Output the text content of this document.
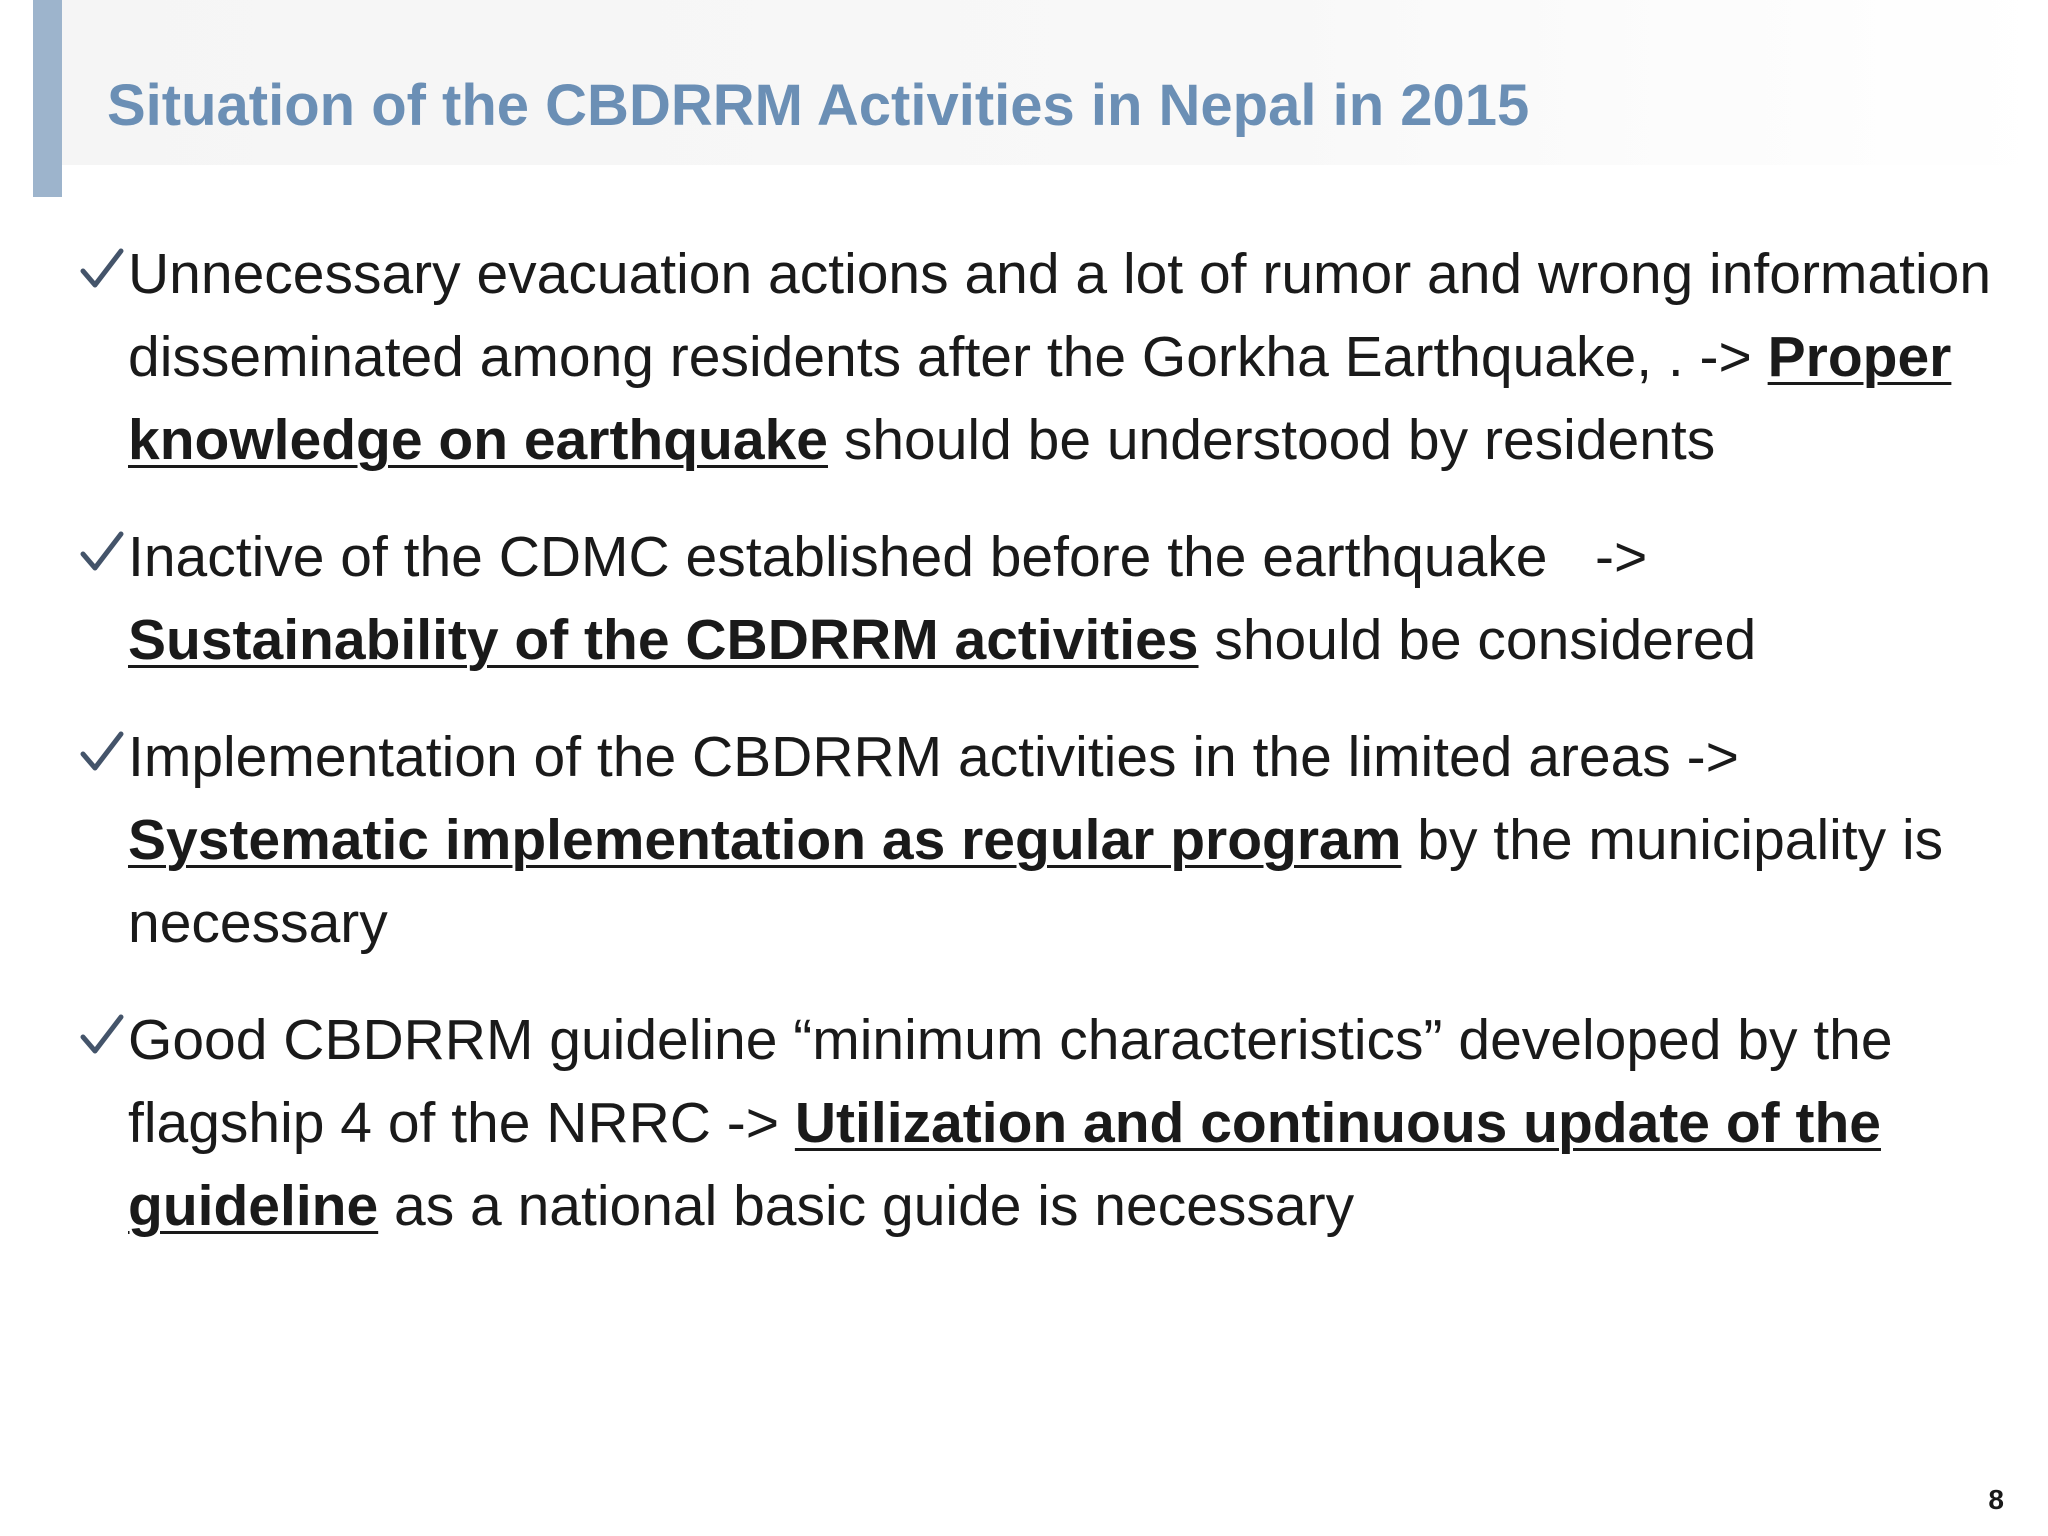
Situation of the CBDRRM Activities in Nepal in 2015
Unnecessary evacuation actions and a lot of rumor and wrong information disseminated among residents after the Gorkha Earthquake, . -> Proper knowledge on earthquake should be understood by residents
Inactive of the CDMC established before the earthquake   -> Sustainability of the CBDRRM activities should be considered
Implementation of the CBDRRM activities in the limited areas -> Systematic implementation as regular program by the municipality is necessary
Good CBDRRM guideline “minimum characteristics” developed by the flagship 4 of the NRRC -> Utilization and continuous update of the guideline as a national basic guide is necessary
8
